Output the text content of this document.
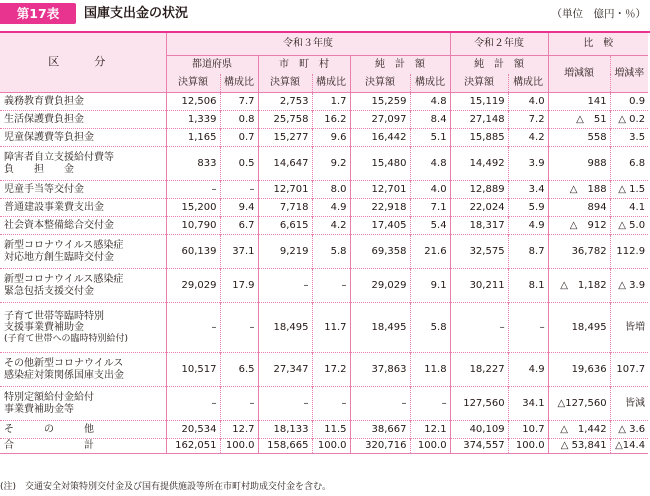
第17表	国庫支出金の状況	（単位　億円・％）
区　分	令和３年度						令和２年度		比　較	
	都道府県		市　町　村		純　計　額		純　計　額		増減額	増減率
	決算額	構成比	決算額	構成比	決算額	構成比	決算額	構成比		

義務教育費負担金	12,506	7.7	2,753	1.7	15,259	4.8	15,119	4.0	141	0.9

生活保護費負担金	1,339	0.8	25,758	16.2	27,097	8.4	27,148	7.2	△　51	△ 0.2

児童保護費等負担金	1,165	0.7	15,277	9.6	16,442	5.1	15,885	4.2	558	3.5

障害者自立支援給付費等
負　　担　　金	833	0.5	14,647	9.2	15,480	4.8	14,492	3.9	988	6.8

児童手当等交付金	–	–	12,701	8.0	12,701	4.0	12,889	3.4	△　188	△ 1.5

普通建設事業費支出金	15,200	9.4	7,718	4.9	22,918	7.1	22,024	5.9	894	4.1

社会資本整備総合交付金	10,790	6.7	6,615	4.2	17,405	5.4	18,317	4.9	△　912	△ 5.0

新型コロナウイルス感染症
対応地方創生臨時交付金	60,139	37.1	9,219	5.8	69,358	21.6	32,575	8.7	36,782	112.9

新型コロナウイルス感染症
緊急包括支援交付金	29,029	17.9	–	–	29,029	9.1	30,211	8.1	△　1,182	△ 3.9

子育て世帯等臨時特別
支援事業費補助金
(子育て世帯への臨時特別給付)	–	–	18,495	11.7	18,495	5.8	–	–	18,495	皆増

その他新型コロナウイルス
感染症対策関係国庫支出金	10,517	6.5	27,347	17.2	37,863	11.8	18,227	4.9	19,636	107.7

特別定額給付金給付
事業費補助金等	–	–	–	–	–	–	127,560	34.1	△127,560	皆減

そ　　　の　　　他	20,534	12.7	18,133	11.5	38,667	12.1	40,109	10.7	△　1,442	△ 3.6

合　　　　　　　計	162,051	100.0	158,665	100.0	320,716	100.0	374,557	100.0	△ 53,841	△14.4
(注)　交通安全対策特別交付金及び国有提供施設等所在市町村助成交付金を含む。
